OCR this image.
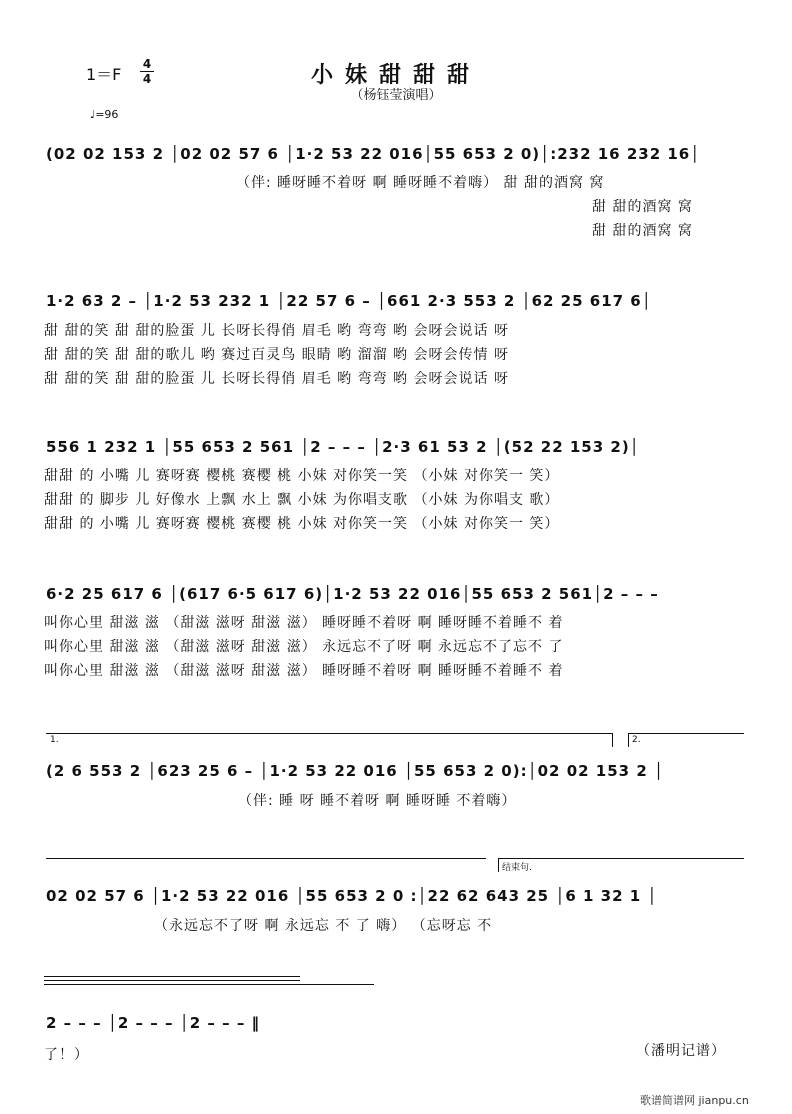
1＝F
4
4	小妹甜甜甜
（杨钰莹演唱）
♩=96
(02 02 153 2 │02 02 57 6 │1·2 53 22 016│55 653 2 0)│:232 16 232 16│
（伴: 睡呀睡不着呀 啊 睡呀睡不着嗨） 甜 甜的酒窝 窝
甜 甜的酒窝 窝
甜 甜的酒窝 窝
1·2 63 2 – │1·2 53 232 1 │22 57 6 – │661 2·3 553 2 │62 25 617 6│
甜 甜的笑 甜 甜的脸蛋 儿 长呀长得俏 眉毛 哟 弯弯 哟 会呀会说话 呀
甜 甜的笑 甜 甜的歌儿 哟 赛过百灵鸟 眼睛 哟 溜溜 哟 会呀会传情 呀
甜 甜的笑 甜 甜的脸蛋 儿 长呀长得俏 眉毛 哟 弯弯 哟 会呀会说话 呀
556 1 232 1 │55 653 2 561 │2 – – – │2·3 61 53 2 │(52 22 153 2)│
甜甜 的 小嘴 儿 赛呀赛 樱桃 赛樱 桃 小妹 对你笑一笑 （小妹 对你笑一 笑）
甜甜 的 脚步 儿 好像水 上飘 水上 飘 小妹 为你唱支歌 （小妹 为你唱支 歌）
甜甜 的 小嘴 儿 赛呀赛 樱桃 赛樱 桃 小妹 对你笑一笑 （小妹 对你笑一 笑）
6·2 25 617 6 │(617 6·5 617 6)│1·2 53 22 016│55 653 2 561│2 – – –
叫你心里 甜滋 滋 （甜滋 滋呀 甜滋 滋） 睡呀睡不着呀 啊 睡呀睡不着睡不 着
叫你心里 甜滋 滋 （甜滋 滋呀 甜滋 滋） 永远忘不了呀 啊 永远忘不了忘不 了
叫你心里 甜滋 滋 （甜滋 滋呀 甜滋 滋） 睡呀睡不着呀 啊 睡呀睡不着睡不 着
1.	2.
(2 6 553 2 │623 25 6 – │1·2 53 22 016 │55 653 2 0):│02 02 153 2 │
（伴: 睡 呀 睡不着呀 啊 睡呀睡 不着嗨）
结束句.
02 02 57 6 │1·2 53 22 016 │55 653 2 0 :│22 62 643 25 │6 1 32 1 │
（永远忘不了呀 啊 永远忘 不 了 嗨） （忘呀忘 不
2 – – – │2 – – – │2 – – – ‖
了！）	（潘明记谱）
歌谱简谱网 jianpu.cn
